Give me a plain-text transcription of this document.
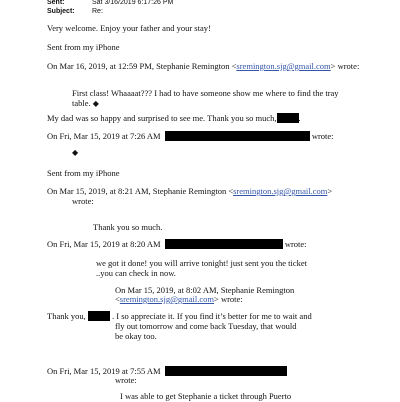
Sent:	Sat 3/16/2019 6:17:26 PM
Subject: Re:
Very welcome. Enjoy your father and your stay!
Sent from my iPhone
On Mar 16, 2019, at 12:59 PM, Stephanie Remington <sremington.sjg@gmail.com> wrote:
First class! Whaaaat??? I had to have someone show me where to find the tray
table. ◆
My dad was so happy and surprised to see me. Thank you so much,	.
On Fri, Mar 15, 2019 at 7:26 AM	wrote:
◆
Sent from my iPhone
On Mar 15, 2019, at 8:21 AM, Stephanie Remington <sremington.sjg@gmail.com>
wrote:
Thank you so much.
On Fri, Mar 15, 2019 at 8:20 AM	wrote:
we got it done! you will arrive tonight! just sent you the ticket
..you can check in now.
On Mar 15, 2019, at 8:02 AM, Stephanie Remington
<sremington.sjg@gmail.com> wrote:
Thank you,	. I so appreciate it. If you find it’s better for me to wait and
fly out tomorrow and come back Tuesday, that would
be okay too.
On Fri, Mar 15, 2019 at 7:55 AM
wrote:
I was able to get Stephanie a ticket through Puerto
